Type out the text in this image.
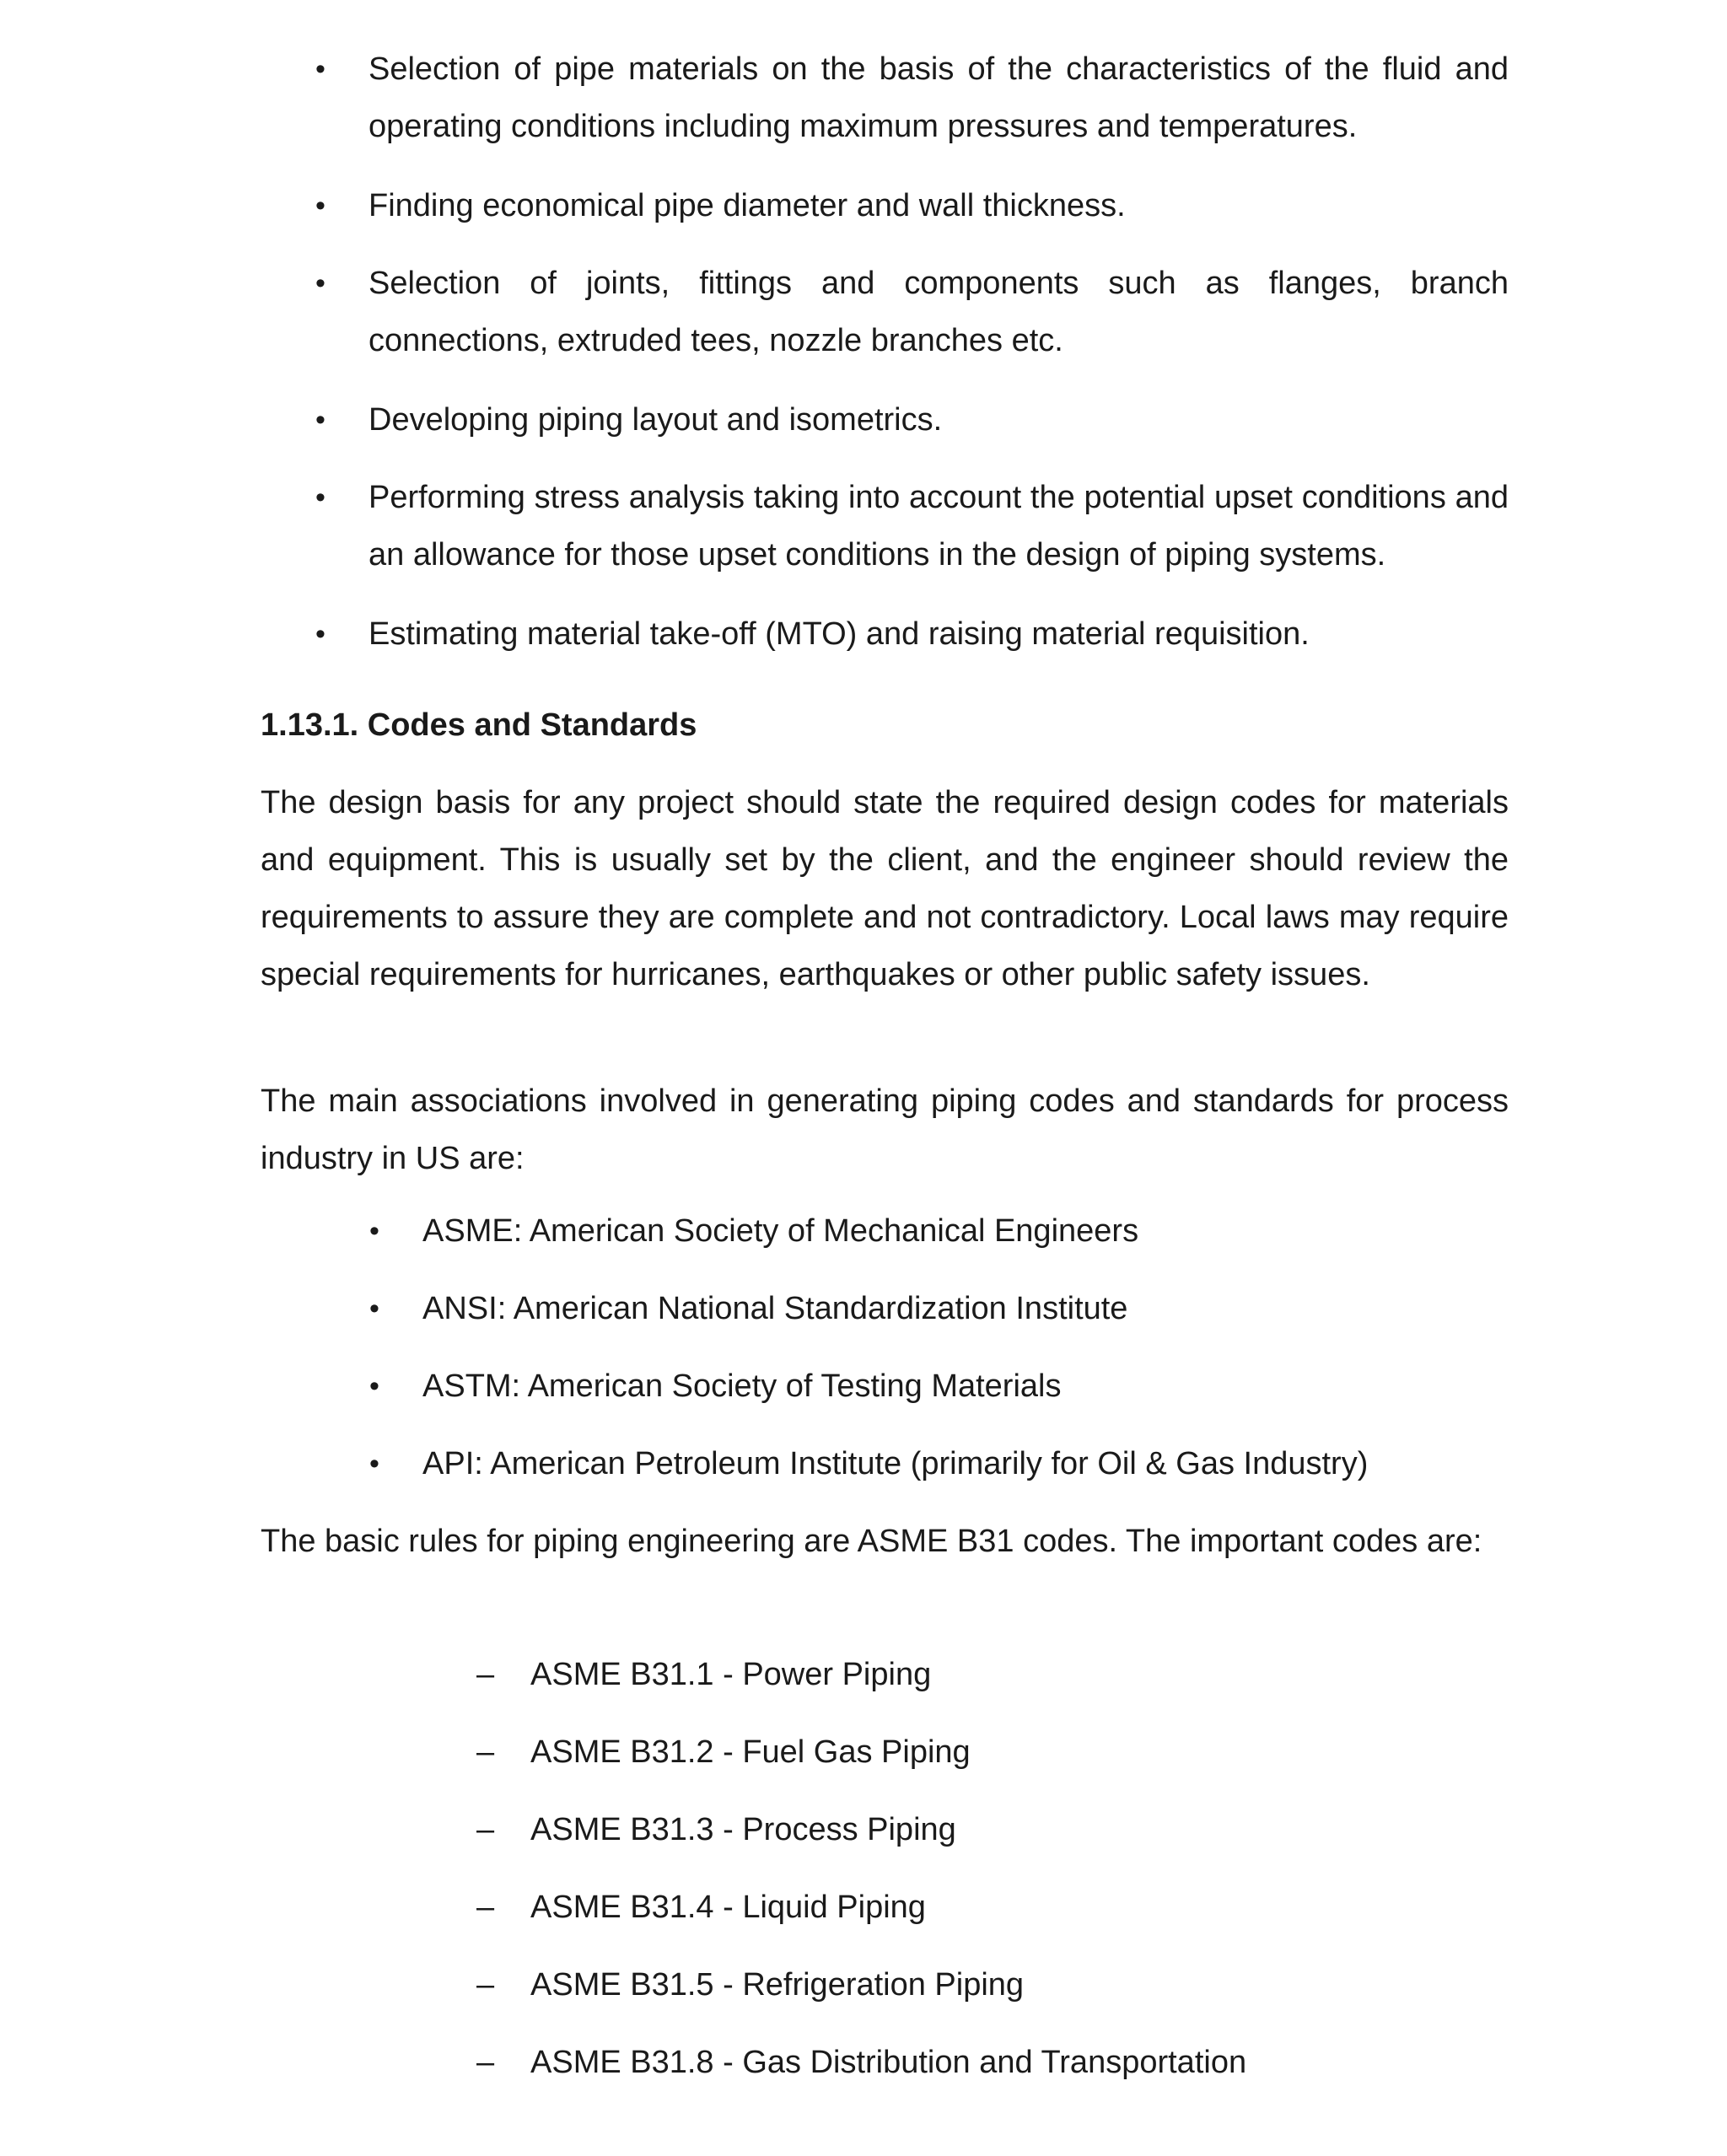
• Selection of pipe materials on the basis of the characteristics of the fluid and operating conditions including maximum pressures and temperatures.
• Finding economical pipe diameter and wall thickness.
• Selection of joints, fittings and components such as flanges, branch connections, extruded tees, nozzle branches etc.
• Developing piping layout and isometrics.
• Performing stress analysis taking into account the potential upset conditions and an allowance for those upset conditions in the design of piping systems.
• Estimating material take-off (MTO) and raising material requisition.
1.13.1. Codes and Standards
The design basis for any project should state the required design codes for materials and equipment. This is usually set by the client, and the engineer should review the requirements to assure they are complete and not contradictory. Local laws may require special requirements for hurricanes, earthquakes or other public safety issues.
The main associations involved in generating piping codes and standards for process industry in US are:
• ASME: American Society of Mechanical Engineers
• ANSI: American National Standardization Institute
• ASTM: American Society of Testing Materials
• API: American Petroleum Institute (primarily for Oil & Gas Industry)
The basic rules for piping engineering are ASME B31 codes. The important codes are:
– ASME B31.1 - Power Piping
– ASME B31.2 - Fuel Gas Piping
– ASME B31.3 - Process Piping
– ASME B31.4 - Liquid Piping
– ASME B31.5 - Refrigeration Piping
– ASME B31.8 - Gas Distribution and Transportation
